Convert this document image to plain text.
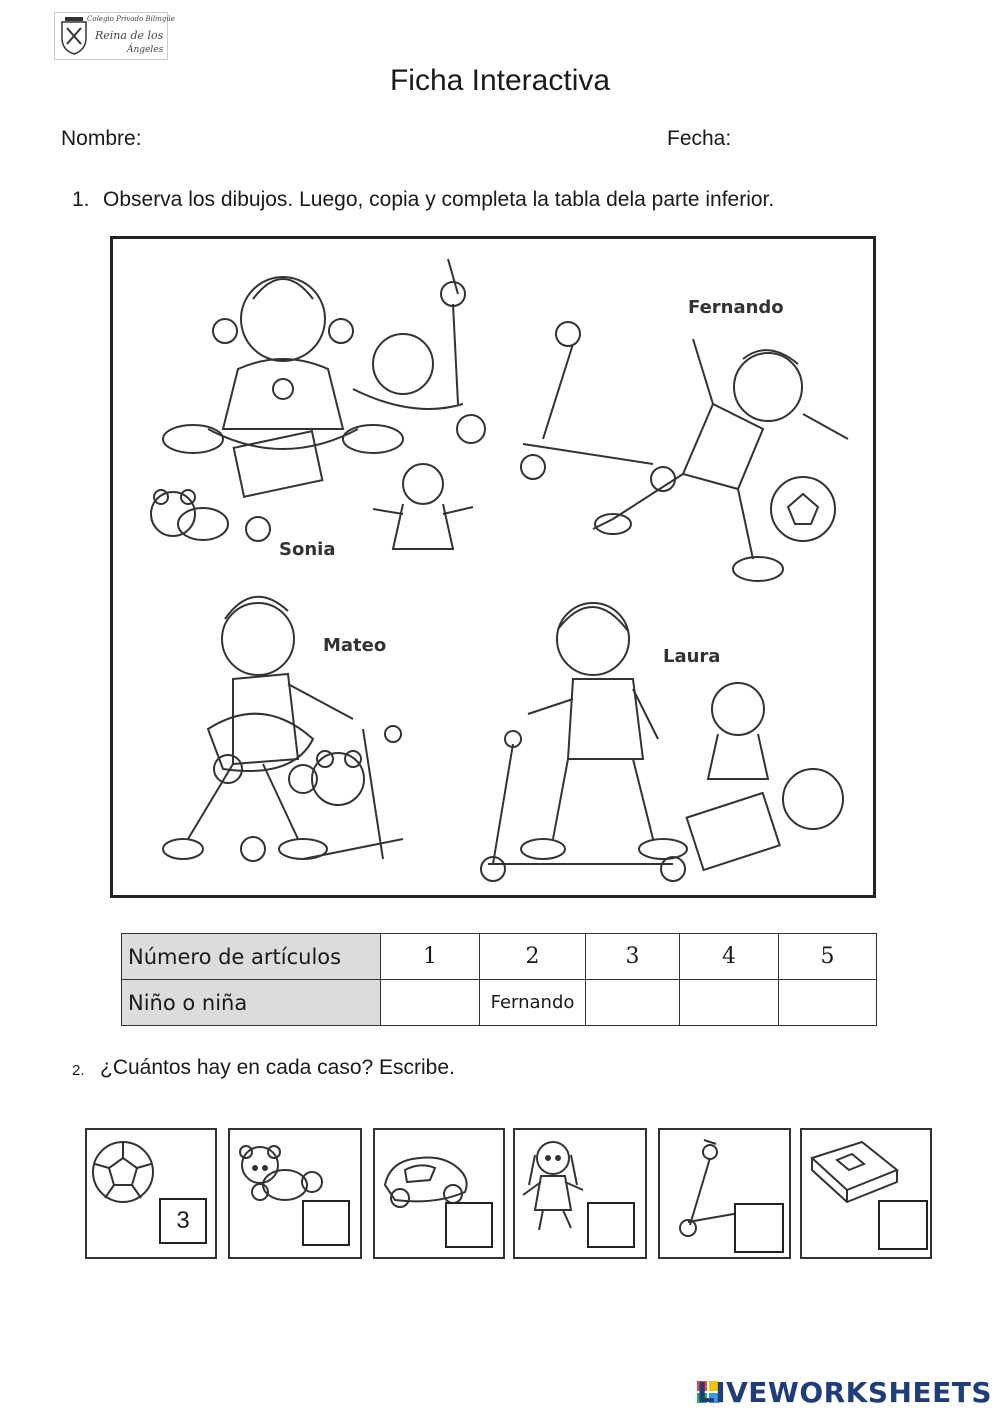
Colegio Privado Bilingüe
Reina de los
Ángeles
Ficha Interactiva
Nombre:	Fecha:
1. Observa los dibujos. Luego, copia y completa la tabla dela parte inferior.
Fernando
Sonia
Mateo
Laura
Número de artículos	1	2	3	4	5
Niño o niña		Fernando			
2. ¿Cuántos hay en cada caso? Escribe.
3
LIVEWORKSHEETS
